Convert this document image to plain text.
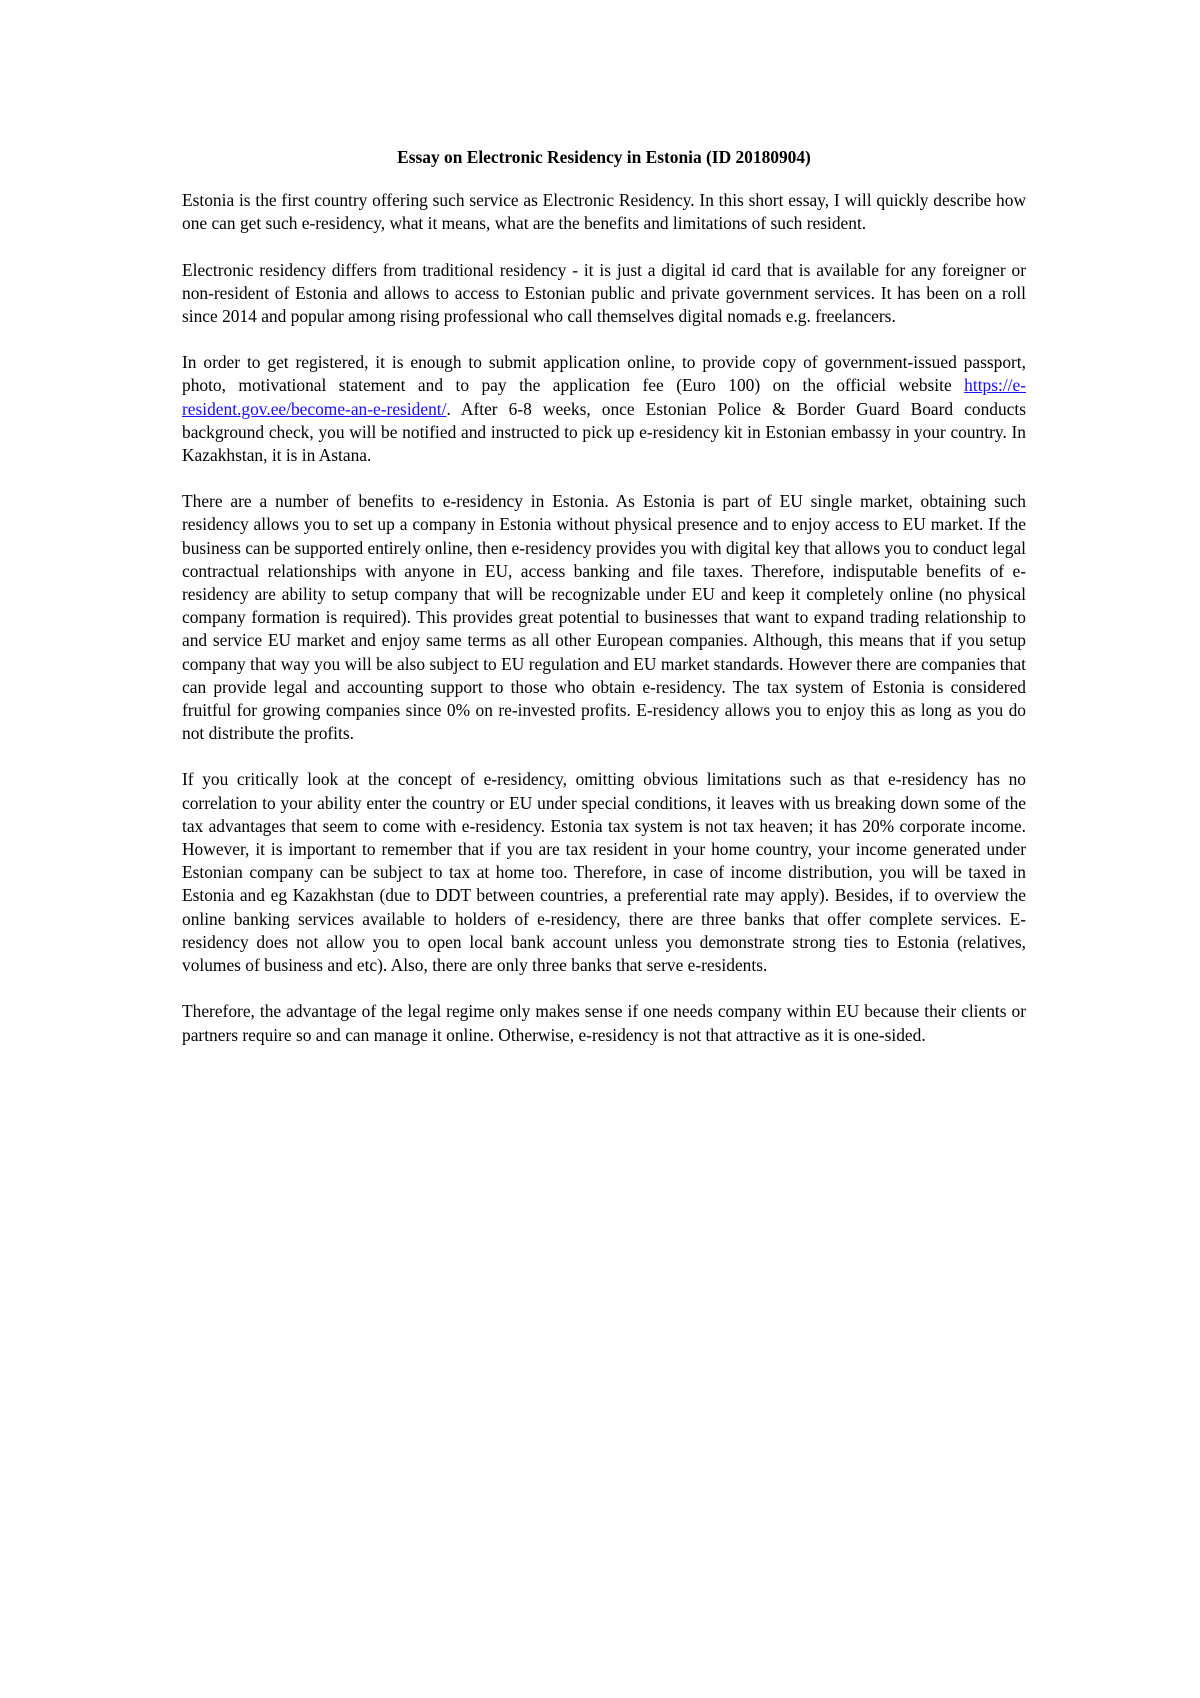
Essay on Electronic Residency in Estonia (ID 20180904)

Estonia is the first country offering such service as Electronic Residency. In this short essay, I will quickly describe how one can get such e-residency, what it means, what are the benefits and limitations of such resident.

Electronic residency differs from traditional residency - it is just a digital id card that is available for any foreigner or non-resident of Estonia and allows to access to Estonian public and private government services. It has been on a roll since 2014 and popular among rising professional who call themselves digital nomads e.g. freelancers.

In order to get registered, it is enough to submit application online, to provide copy of government-issued passport, photo, motivational statement and to pay the application fee (Euro 100) on the official website https://e-resident.gov.ee/become-an-e-resident/. After 6-8 weeks, once Estonian Police & Border Guard Board conducts background check, you will be notified and instructed to pick up e-residency kit in Estonian embassy in your country. In Kazakhstan, it is in Astana.

There are a number of benefits to e-residency in Estonia. As Estonia is part of EU single market, obtaining such residency allows you to set up a company in Estonia without physical presence and to enjoy access to EU market. If the business can be supported entirely online, then e-residency provides you with digital key that allows you to conduct legal contractual relationships with anyone in EU, access banking and file taxes. Therefore, indisputable benefits of e-residency are ability to setup company that will be recognizable under EU and keep it completely online (no physical company formation is required). This provides great potential to businesses that want to expand trading relationship to and service EU market and enjoy same terms as all other European companies. Although, this means that if you setup company that way you will be also subject to EU regulation and EU market standards. However there are companies that can provide legal and accounting support to those who obtain e-residency. The tax system of Estonia is considered fruitful for growing companies since 0% on re-invested profits. E-residency allows you to enjoy this as long as you do not distribute the profits.

If you critically look at the concept of e-residency, omitting obvious limitations such as that e-residency has no correlation to your ability enter the country or EU under special conditions, it leaves with us breaking down some of the tax advantages that seem to come with e-residency. Estonia tax system is not tax heaven; it has 20% corporate income. However, it is important to remember that if you are tax resident in your home country, your income generated under Estonian company can be subject to tax at home too. Therefore, in case of income distribution, you will be taxed in Estonia and eg Kazakhstan (due to DDT between countries, a preferential rate may apply). Besides, if to overview the online banking services available to holders of e-residency, there are three banks that offer complete services. E-residency does not allow you to open local bank account unless you demonstrate strong ties to Estonia (relatives, volumes of business and etc). Also, there are only three banks that serve e-residents.

Therefore, the advantage of the legal regime only makes sense if one needs company within EU because their clients or partners require so and can manage it online. Otherwise, e-residency is not that attractive as it is one-sided.
